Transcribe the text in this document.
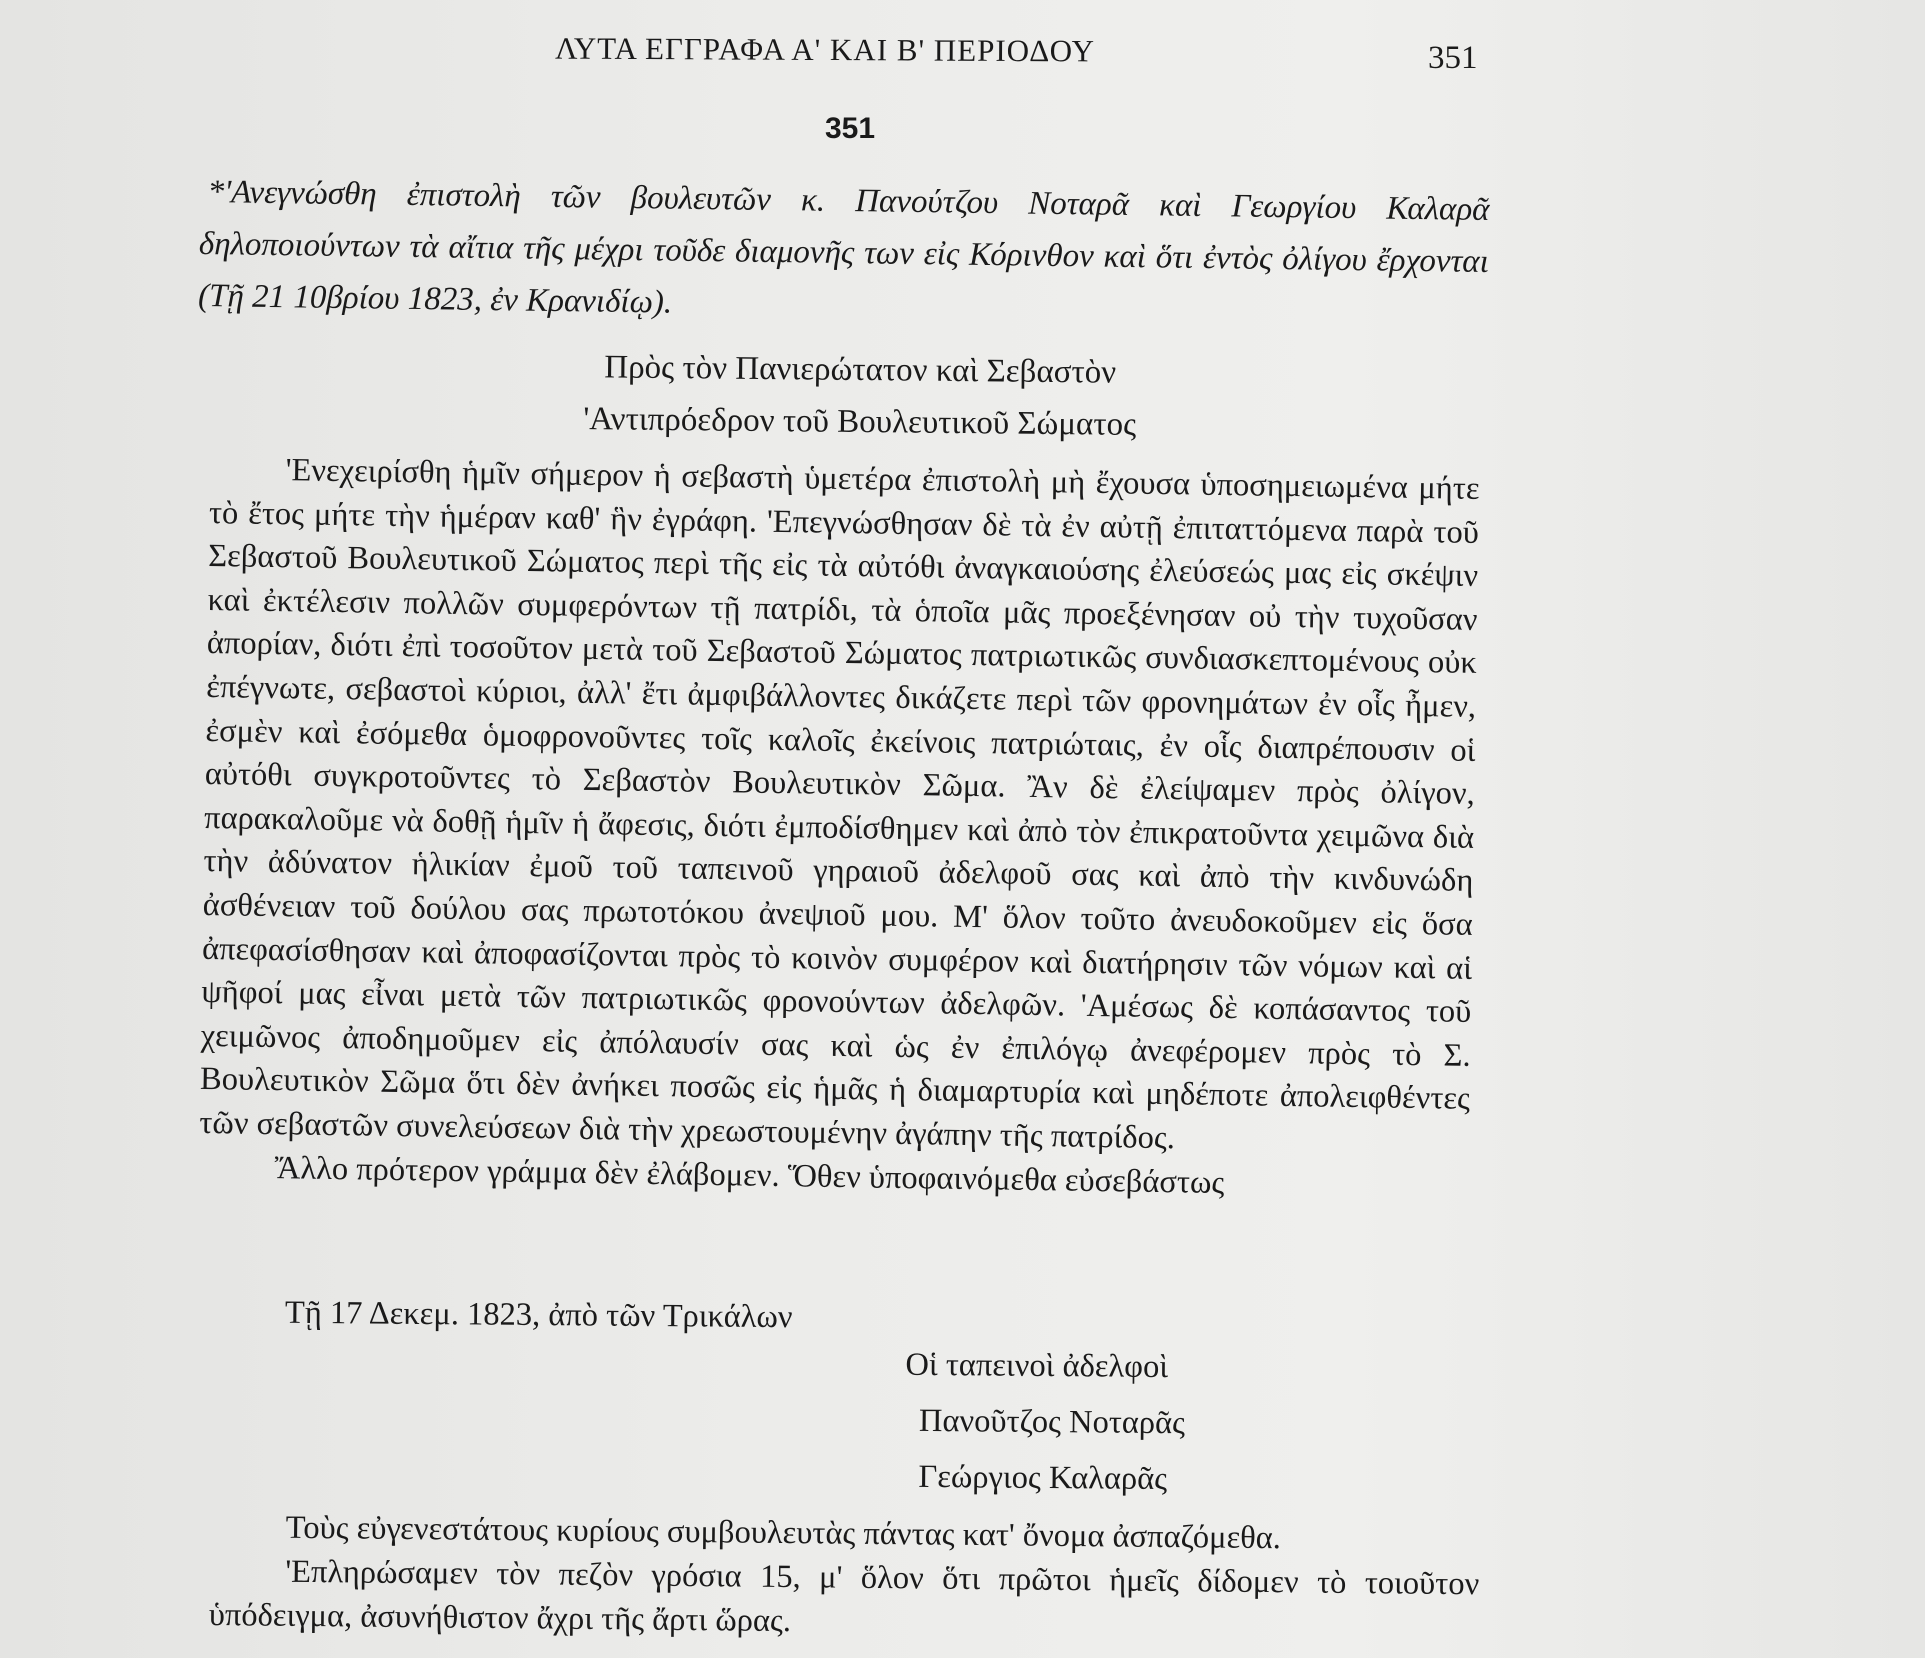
ΛΥΤΑ ΕΓΓΡΑΦΑ Α' ΚΑΙ Β' ΠΕΡΙΟΔΟΥ	351
351
*'Ανεγνώσθη ἐπιστολὴ τῶν βουλευτῶν κ. Πανούτζου Νοταρᾶ καὶ Γεωργίου Καλαρᾶ δηλοποιούντων τὰ αἴτια τῆς μέχρι τοῦδε διαμονῆς των εἰς Κόρινθον καὶ ὅτι ἐντὸς ὀλίγου ἔρχονται (Τῇ 21 10βρίου 1823, ἐν Κρανιδίῳ).
Πρὸς τὸν Πανιερώτατον καὶ Σεβαστὸν
'Αντιπρόεδρον τοῦ Βουλευτικοῦ Σώματος

'Ενεχειρίσθη ἡμῖν σήμερον ἡ σεβαστὴ ὑμετέρα ἐπιστολὴ μὴ ἔχουσα ὑποσημειωμένα μήτε τὸ ἔτος μήτε τὴν ἡμέραν καθ' ἣν ἐγράφη. 'Επεγνώσθησαν δὲ τὰ ἐν αὐτῇ ἐπιταττόμενα παρὰ τοῦ Σεβαστοῦ Βουλευτικοῦ Σώματος περὶ τῆς εἰς τὰ αὐτόθι ἀναγκαιούσης ἐλεύσεώς μας εἰς σκέψιν καὶ ἐκτέλεσιν πολλῶν συμφερόντων τῇ πατρίδι, τὰ ὁποῖα μᾶς προεξένησαν οὐ τὴν τυχοῦσαν ἀπορίαν, διότι ἐπὶ τοσοῦτον μετὰ τοῦ Σεβαστοῦ Σώματος πατριωτικῶς συνδιασκεπτομένους οὐκ ἐπέγνωτε, σεβαστοὶ κύριοι, ἀλλ' ἔτι ἀμφιβάλλοντες δικάζετε περὶ τῶν φρονημάτων ἐν οἷς ἦμεν, ἐσμὲν καὶ ἐσόμεθα ὁμοφρονοῦντες τοῖς καλοῖς ἐκείνοις πατριώταις, ἐν οἷς διαπρέπουσιν οἱ αὐτόθι συγκροτοῦντες τὸ Σεβαστὸν Βουλευτικὸν Σῶμα. Ἂν δὲ ἐλείψαμεν πρὸς ὀλίγον, παρακαλοῦμε νὰ δοθῇ ἡμῖν ἡ ἄφεσις, διότι ἐμποδίσθημεν καὶ ἀπὸ τὸν ἐπικρατοῦντα χειμῶνα διὰ τὴν ἀδύνατον ἡλικίαν ἐμοῦ τοῦ ταπεινοῦ γηραιοῦ ἀδελφοῦ σας καὶ ἀπὸ τὴν κινδυνώδη ἀσθένειαν τοῦ δούλου σας πρωτοτόκου ἀνεψιοῦ μου. Μ' ὅλον τοῦτο ἀνευδοκοῦμεν εἰς ὅσα ἀπεφασίσθησαν καὶ ἀποφασίζονται πρὸς τὸ κοινὸν συμφέρον καὶ διατήρησιν τῶν νόμων καὶ αἱ ψῆφοί μας εἶναι μετὰ τῶν πατριωτικῶς φρονούντων ἀδελφῶν. 'Αμέσως δὲ κοπάσαντος τοῦ χειμῶνος ἀποδημοῦμεν εἰς ἀπόλαυσίν σας καὶ ὡς ἐν ἐπιλόγῳ ἀνεφέρομεν πρὸς τὸ Σ. Βουλευτικὸν Σῶμα ὅτι δὲν ἀνήκει ποσῶς εἰς ἡμᾶς ἡ διαμαρτυρία καὶ μηδέποτε ἀπολειφθέντες τῶν σεβαστῶν συνελεύσεων διὰ τὴν χρεωστουμένην ἀγάπην τῆς πατρίδος.

Ἄλλο πρότερον γράμμα δὲν ἐλάβομεν. Ὅθεν ὑποφαινόμεθα εὐσεβάστως

Τῇ 17 Δεκεμ. 1823, ἀπὸ τῶν Τρικάλων
Οἱ ταπεινοὶ ἀδελφοὶ
Πανοῦτζος Νοταρᾶς
Γεώργιος Καλαρᾶς

Τοὺς εὐγενεστάτους κυρίους συμβουλευτὰς πάντας κατ' ὄνομα ἀσπαζόμεθα.

'Επληρώσαμεν τὸν πεζὸν γρόσια 15, μ' ὅλον ὅτι πρῶτοι ἡμεῖς δίδομεν τὸ τοιοῦτον ὑπόδειγμα, ἀσυνήθιστον ἄχρι τῆς ἄρτι ὥρας.
